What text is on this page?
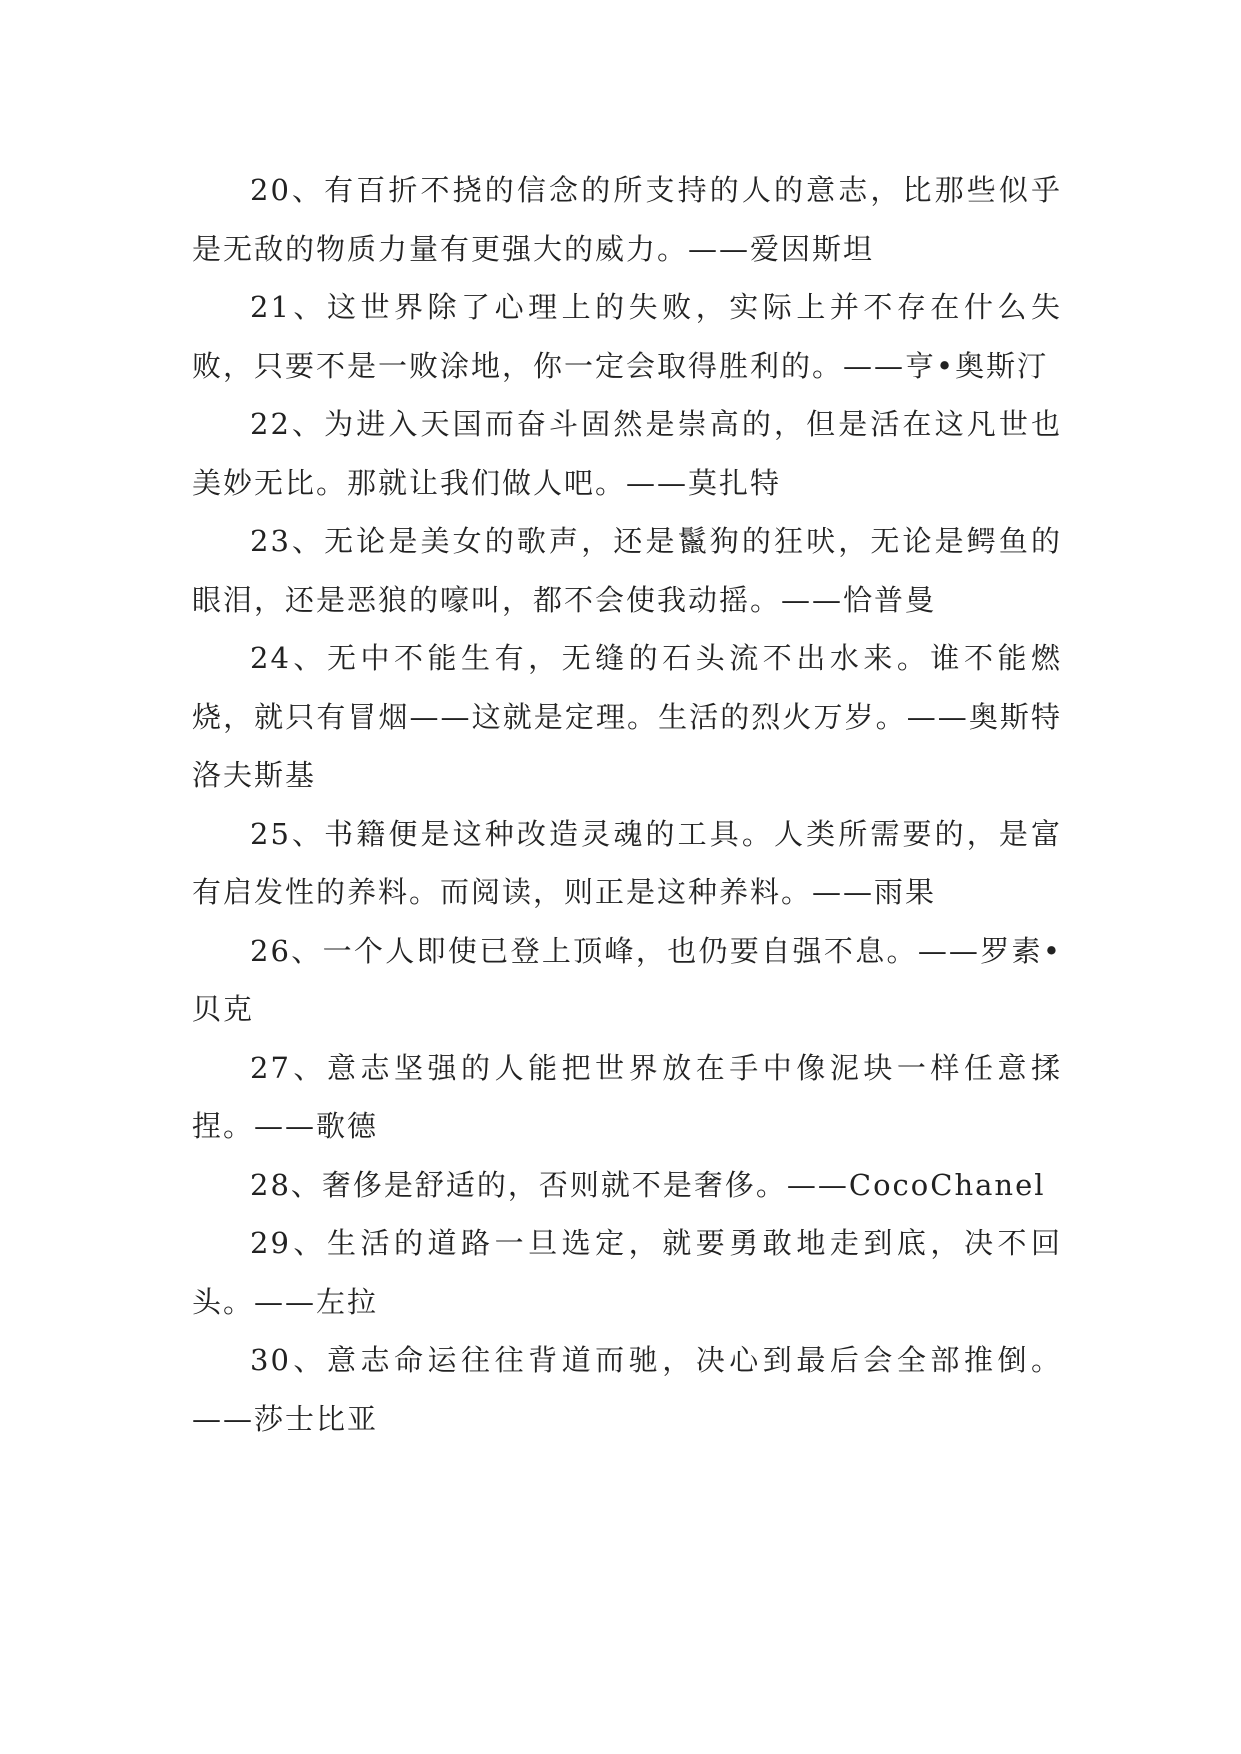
20、有百折不挠的信念的所支持的人的意志，比那些似乎是无敌的物质力量有更强大的威力。——爱因斯坦

21、这世界除了心理上的失败，实际上并不存在什么失败，只要不是一败涂地，你一定会取得胜利的。——亨•奥斯汀

22、为进入天国而奋斗固然是崇高的，但是活在这凡世也美妙无比。那就让我们做人吧。——莫扎特

23、无论是美女的歌声，还是鬣狗的狂吠，无论是鳄鱼的眼泪，还是恶狼的嚎叫，都不会使我动摇。——恰普曼

24、无中不能生有，无缝的石头流不出水来。谁不能燃烧，就只有冒烟——这就是定理。生活的烈火万岁。——奥斯特洛夫斯基

25、书籍便是这种改造灵魂的工具。人类所需要的，是富有启发性的养料。而阅读，则正是这种养料。——雨果

26、一个人即使已登上顶峰，也仍要自强不息。——罗素•贝克

27、意志坚强的人能把世界放在手中像泥块一样任意揉捏。——歌德

28、奢侈是舒适的，否则就不是奢侈。——CocoChanel

29、生活的道路一旦选定，就要勇敢地走到底，决不回头。——左拉

30、意志命运往往背道而驰，决心到最后会全部推倒。——莎士比亚
